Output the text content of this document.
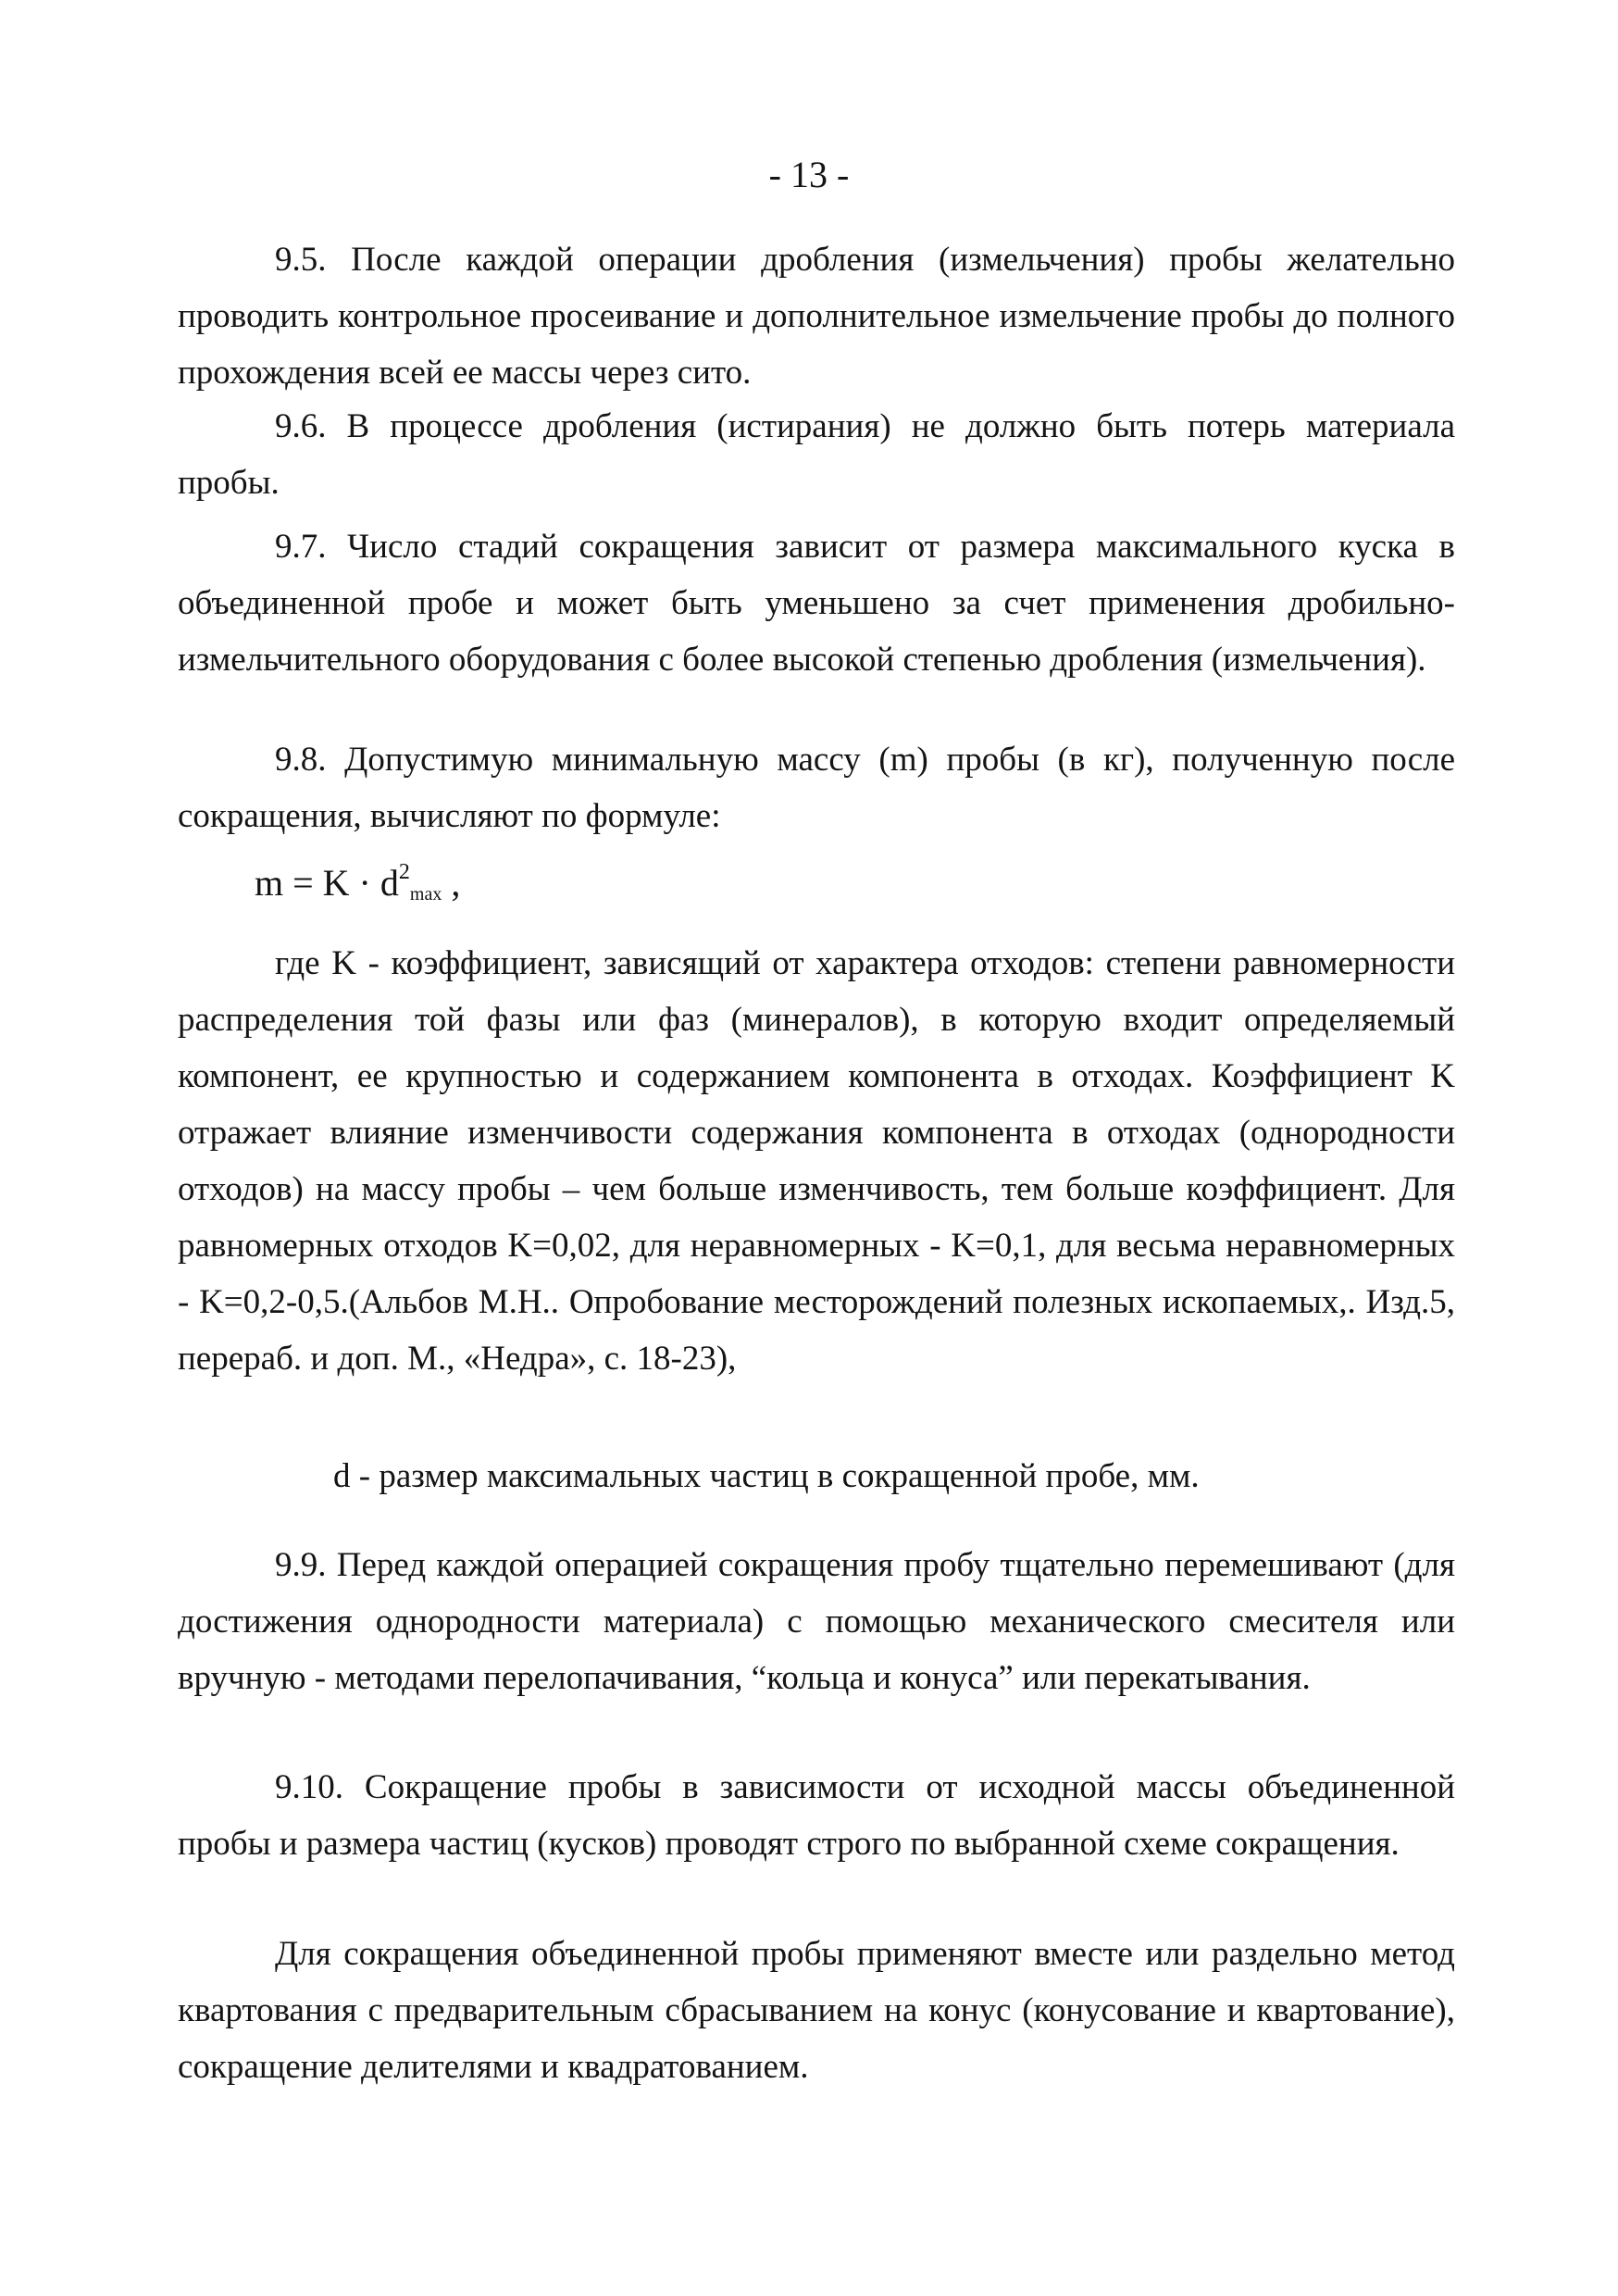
- 13 -

9.5. После каждой операции дробления (измельчения) пробы желательно проводить контрольное просеивание и дополнительное измельчение пробы до полного прохождения всей ее массы через сито.

9.6. В процессе дробления (истирания) не должно быть потерь материала пробы.

9.7. Число стадий сокращения зависит от размера максимального куска в объединенной пробе и может быть уменьшено за счет применения дробильно-измельчительного оборудования с более высокой степенью дробления (измельчения).

9.8. Допустимую минимальную массу (m) пробы (в кг), полученную после сокращения, вычисляют по формуле:

$m = K \cdot d^2_{max}$ ,

где K - коэффициент, зависящий от характера отходов: степени равномерности распределения той фазы или фаз (минералов), в которую входит определяемый компонент, ее крупностью и содержанием компонента в отходах. Коэффициент K отражает влияние изменчивости содержания компонента в отходах (однородности отходов) на массу пробы – чем больше изменчивость, тем больше коэффициент. Для равномерных отходов K=0,02, для неравномерных - K=0,1, для весьма неравномерных - K=0,2-0,5.(Альбов М.Н.. Опробование месторождений полезных ископаемых,. Изд.5, перераб. и доп. М., «Недра», с. 18-23),

d - размер максимальных частиц в сокращенной пробе, мм.

9.9. Перед каждой операцией сокращения пробу тщательно перемешивают (для достижения однородности материала) с помощью механического смесителя или вручную - методами перелопачивания, “кольца и конуса” или перекатывания.

9.10. Сокращение пробы в зависимости от исходной массы объединенной пробы и размера частиц (кусков) проводят строго по выбранной схеме сокращения.

Для сокращения объединенной пробы применяют вместе или раздельно метод квартования с предварительным сбрасыванием на конус (конусование и квартование), сокращение делителями и квадратованием.
